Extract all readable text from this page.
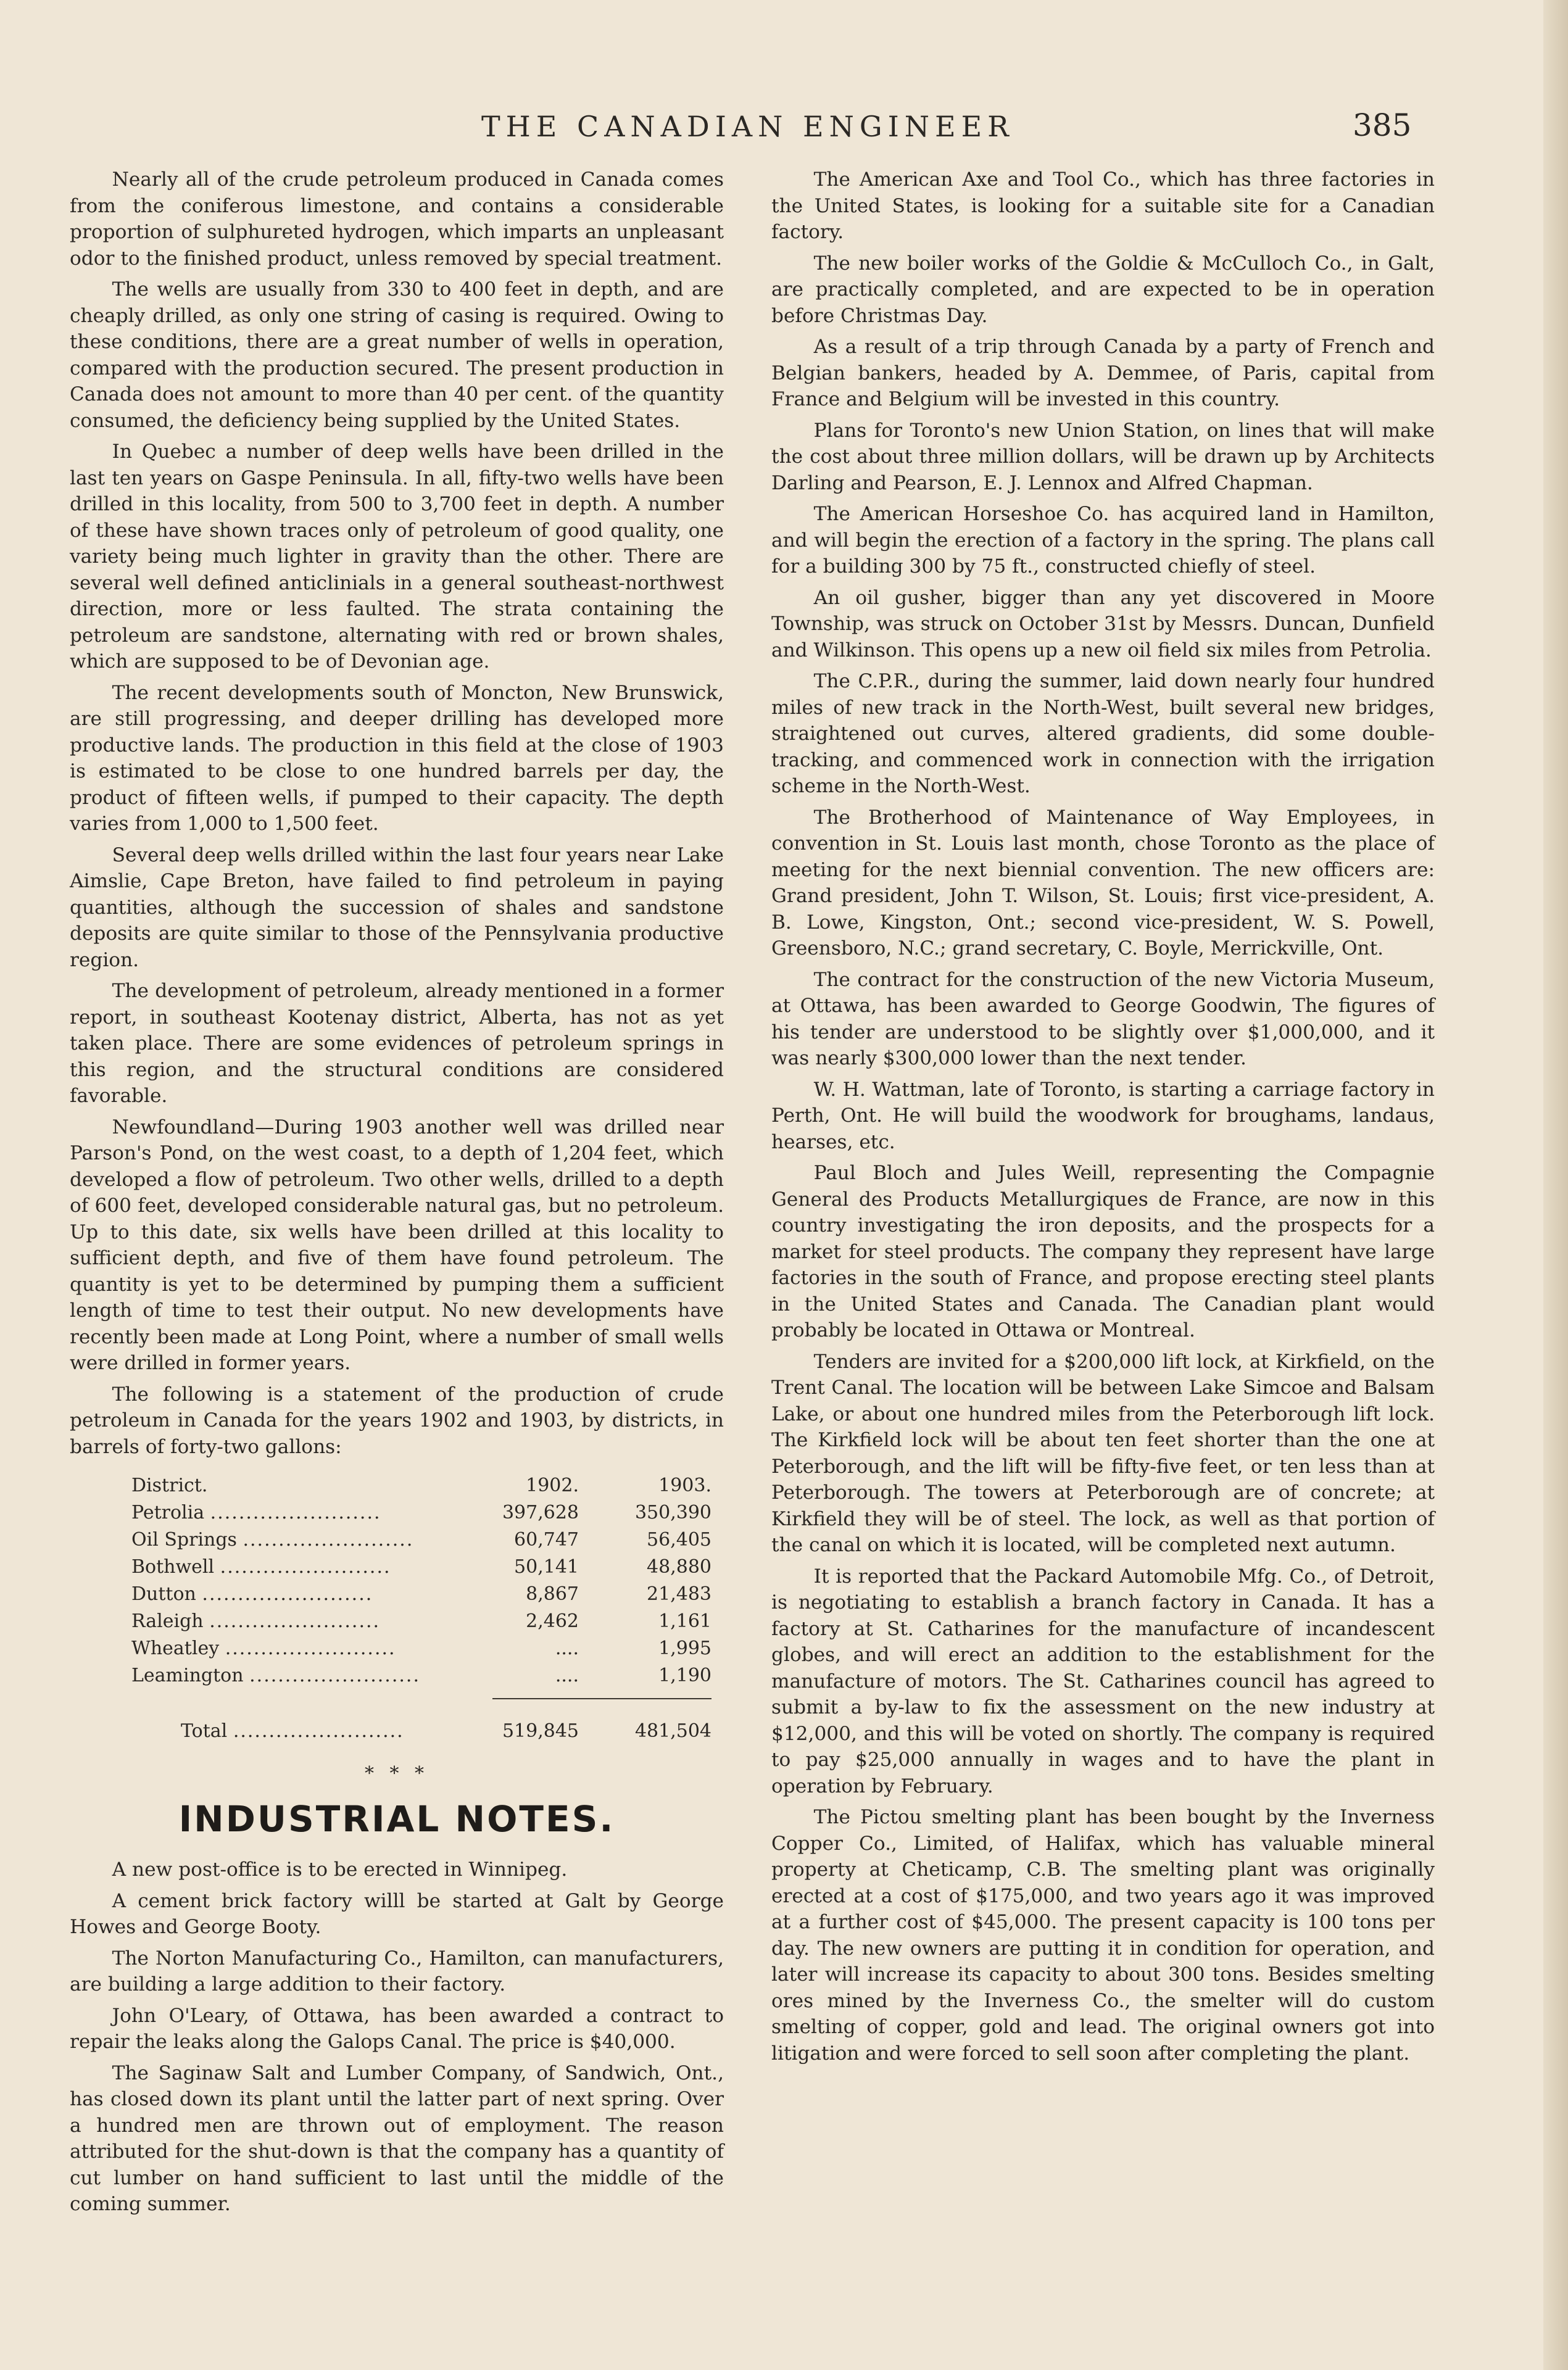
THE CANADIAN ENGINEER	385

Nearly all of the crude petroleum produced in Canada comes from the coniferous limestone, and contains a considerable proportion of sulphureted hydrogen, which imparts an unpleasant odor to the finished product, unless removed by special treatment.

The wells are usually from 330 to 400 feet in depth, and are cheaply drilled, as only one string of casing is required. Owing to these conditions, there are a great number of wells in operation, compared with the production secured. The present production in Canada does not amount to more than 40 per cent. of the quantity consumed, the deficiency being supplied by the United States.

In Quebec a number of deep wells have been drilled in the last ten years on Gaspe Peninsula. In all, fifty-two wells have been drilled in this locality, from 500 to 3,700 feet in depth. A number of these have shown traces only of petroleum of good quality, one variety being much lighter in gravity than the other. There are several well defined anticlinials in a general southeast-northwest direction, more or less faulted. The strata containing the petroleum are sandstone, alternating with red or brown shales, which are supposed to be of Devonian age.

The recent developments south of Moncton, New Brunswick, are still progressing, and deeper drilling has developed more productive lands. The production in this field at the close of 1903 is estimated to be close to one hundred barrels per day, the product of fifteen wells, if pumped to their capacity. The depth varies from 1,000 to 1,500 feet.

Several deep wells drilled within the last four years near Lake Aimslie, Cape Breton, have failed to find petroleum in paying quantities, although the succession of shales and sandstone deposits are quite similar to those of the Pennsylvania productive region.

The development of petroleum, already mentioned in a former report, in southeast Kootenay district, Alberta, has not as yet taken place. There are some evidences of petroleum springs in this region, and the structural conditions are considered favorable.

Newfoundland—During 1903 another well was drilled near Parson's Pond, on the west coast, to a depth of 1,204 feet, which developed a flow of petroleum. Two other wells, drilled to a depth of 600 feet, developed considerable natural gas, but no petroleum. Up to this date, six wells have been drilled at this locality to sufficient depth, and five of them have found petroleum. The quantity is yet to be determined by pumping them a sufficient length of time to test their output. No new developments have recently been made at Long Point, where a number of small wells were drilled in former years.

The following is a statement of the production of crude petroleum in Canada for the years 1902 and 1903, by districts, in barrels of forty-two gallons:

District.	1902.	1903.
Petrolia ........................	397,628	350,390
Oil Springs ........................	60,747	56,405
Bothwell ........................	50,141	48,880
Dutton ........................	8,867	21,483
Raleigh ........................	2,462	1,161
Wheatley ........................	....	1,995
Leamington ........................	....	1,190

Total ........................	519,845	481,504
* * *
INDUSTRIAL NOTES.

A new post-office is to be erected in Winnipeg.

A cement brick factory willl be started at Galt by George Howes and George Booty.

The Norton Manufacturing Co., Hamilton, can manufacturers, are building a large addition to their factory.

John O'Leary, of Ottawa, has been awarded a contract to repair the leaks along the Galops Canal. The price is $40,000.

The Saginaw Salt and Lumber Company, of Sandwich, Ont., has closed down its plant until the latter part of next spring. Over a hundred men are thrown out of employment. The reason attributed for the shut-down is that the company has a quantity of cut lumber on hand sufficient to last until the middle of the coming summer.

The American Axe and Tool Co., which has three factories in the United States, is looking for a suitable site for a Canadian factory.

The new boiler works of the Goldie & McCulloch Co., in Galt, are practically completed, and are expected to be in operation before Christmas Day.

As a result of a trip through Canada by a party of French and Belgian bankers, headed by A. Demmee, of Paris, capital from France and Belgium will be invested in this country.

Plans for Toronto's new Union Station, on lines that will make the cost about three million dollars, will be drawn up by Architects Darling and Pearson, E. J. Lennox and Alfred Chapman.

The American Horseshoe Co. has acquired land in Hamilton, and will begin the erection of a factory in the spring. The plans call for a building 300 by 75 ft., constructed chiefly of steel.

An oil gusher, bigger than any yet discovered in Moore Township, was struck on October 31st by Messrs. Duncan, Dunfield and Wilkinson. This opens up a new oil field six miles from Petrolia.

The C.P.R., during the summer, laid down nearly four hundred miles of new track in the North-West, built several new bridges, straightened out curves, altered gradients, did some double-tracking, and commenced work in connection with the irrigation scheme in the North-West.

The Brotherhood of Maintenance of Way Employees, in convention in St. Louis last month, chose Toronto as the place of meeting for the next biennial convention. The new officers are: Grand president, John T. Wilson, St. Louis; first vice-president, A. B. Lowe, Kingston, Ont.; second vice-president, W. S. Powell, Greensboro, N.C.; grand secretary, C. Boyle, Merrickville, Ont.

The contract for the construction of the new Victoria Museum, at Ottawa, has been awarded to George Goodwin, The figures of his tender are understood to be slightly over $1,000,000, and it was nearly $300,000 lower than the next tender.

W. H. Wattman, late of Toronto, is starting a carriage factory in Perth, Ont. He will build the woodwork for broughams, landaus, hearses, etc.

Paul Bloch and Jules Weill, representing the Compagnie General des Products Metallurgiques de France, are now in this country investigating the iron deposits, and the prospects for a market for steel products. The company they represent have large factories in the south of France, and propose erecting steel plants in the United States and Canada. The Canadian plant would probably be located in Ottawa or Montreal.

Tenders are invited for a $200,000 lift lock, at Kirkfield, on the Trent Canal. The location will be between Lake Simcoe and Balsam Lake, or about one hundred miles from the Peterborough lift lock. The Kirkfield lock will be about ten feet shorter than the one at Peterborough, and the lift will be fifty-five feet, or ten less than at Peterborough. The towers at Peterborough are of concrete; at Kirkfield they will be of steel. The lock, as well as that portion of the canal on which it is located, will be completed next autumn.

It is reported that the Packard Automobile Mfg. Co., of Detroit, is negotiating to establish a branch factory in Canada. It has a factory at St. Catharines for the manufacture of incandescent globes, and will erect an addition to the establishment for the manufacture of motors. The St. Catharines council has agreed to submit a by-law to fix the assessment on the new industry at $12,000, and this will be voted on shortly. The company is required to pay $25,000 annually in wages and to have the plant in operation by February.

The Pictou smelting plant has been bought by the Inverness Copper Co., Limited, of Halifax, which has valuable mineral property at Cheticamp, C.B. The smelting plant was originally erected at a cost of $175,000, and two years ago it was improved at a further cost of $45,000. The present capacity is 100 tons per day. The new owners are putting it in condition for operation, and later will increase its capacity to about 300 tons. Besides smelting ores mined by the Inverness Co., the smelter will do custom smelting of copper, gold and lead. The original owners got into litigation and were forced to sell soon after completing the plant.
